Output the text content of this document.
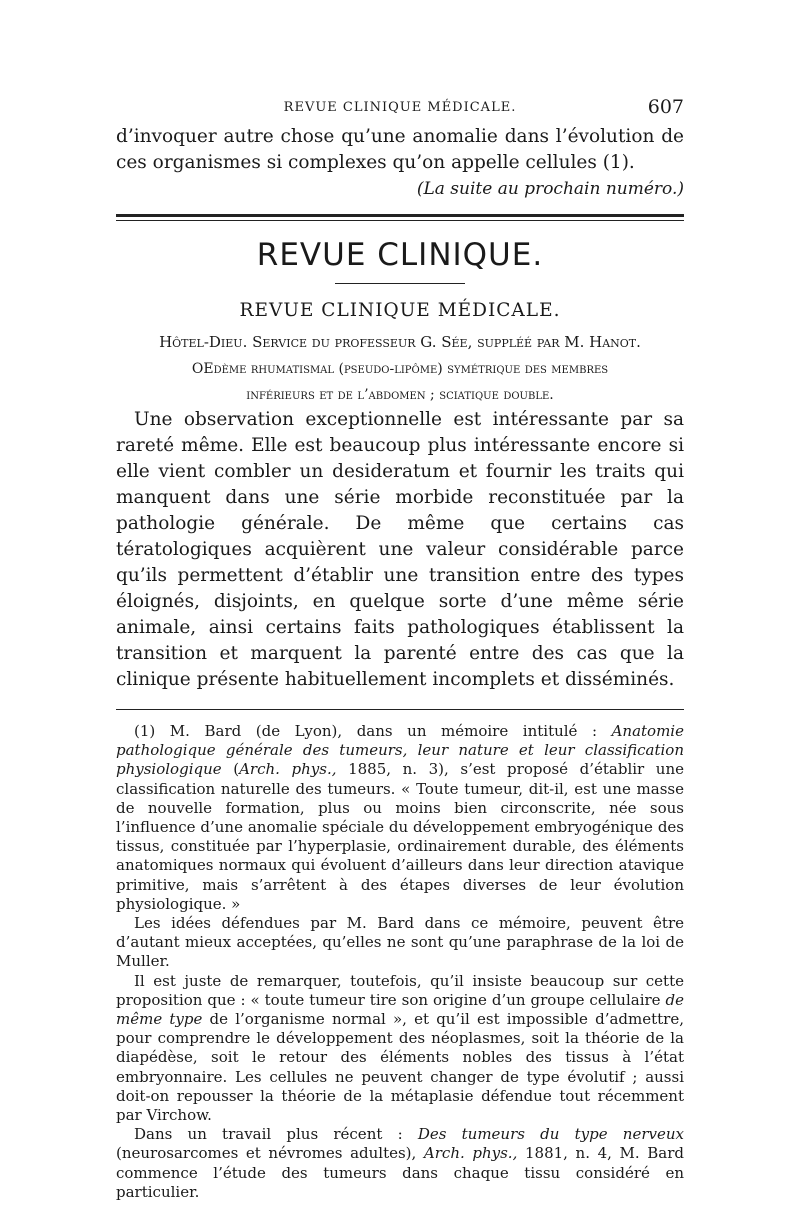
REVUE CLINIQUE MÉDICALE.	607

d’invoquer autre chose qu’une anomalie dans l’évolution de ces organismes si complexes qu’on appelle cellules (1).

(La suite au prochain numéro.)

REVUE CLINIQUE.
REVUE CLINIQUE MÉDICALE.

Hôtel-Dieu. Service du professeur G. Sée, suppléé par M. Hanot.

OEdème rhumatismal (pseudo-lipôme) symétrique des membres

inférieurs et de l’abdomen ; sciatique double.

Une observation exceptionnelle est intéressante par sa rareté même. Elle est beaucoup plus intéressante encore si elle vient combler un desideratum et fournir les traits qui manquent dans une série morbide reconstituée par la pathologie générale. De même que certains cas tératologiques acquièrent une valeur considérable parce qu’ils permettent d’établir une transition entre des types éloignés, disjoints, en quelque sorte d’une même série animale, ainsi certains faits pathologiques établissent la transition et marquent la parenté entre des cas que la clinique présente habituellement incomplets et disséminés.

(1) M. Bard (de Lyon), dans un mémoire intitulé : Anatomie pathologique générale des tumeurs, leur nature et leur classification physiologique (Arch. phys., 1885, n. 3), s’est proposé d’établir une classification naturelle des tumeurs. « Toute tumeur, dit-il, est une masse de nouvelle formation, plus ou moins bien circonscrite, née sous l’influence d’une anomalie spéciale du développement embryogénique des tissus, constituée par l’hyperplasie, ordinairement durable, des éléments anatomiques normaux qui évoluent d’ailleurs dans leur direction atavique primitive, mais s’arrêtent à des étapes diverses de leur évolution physiologique. »

Les idées défendues par M. Bard dans ce mémoire, peuvent être d’autant mieux acceptées, qu’elles ne sont qu’une paraphrase de la loi de Muller.

Il est juste de remarquer, toutefois, qu’il insiste beaucoup sur cette proposition que : « toute tumeur tire son origine d’un groupe cellulaire de même type de l’organisme normal », et qu’il est impossible d’admettre, pour comprendre le développement des néoplasmes, soit la théorie de la diapédèse, soit le retour des éléments nobles des tissus à l’état embryonnaire. Les cellules ne peuvent changer de type évolutif ; aussi doit-on repousser la théorie de la métaplasie défendue tout récemment par Virchow.

Dans un travail plus récent : Des tumeurs du type nerveux (neurosarcomes et névromes adultes), Arch. phys., 1881, n. 4, M. Bard commence l’étude des tumeurs dans chaque tissu considéré en particulier.
